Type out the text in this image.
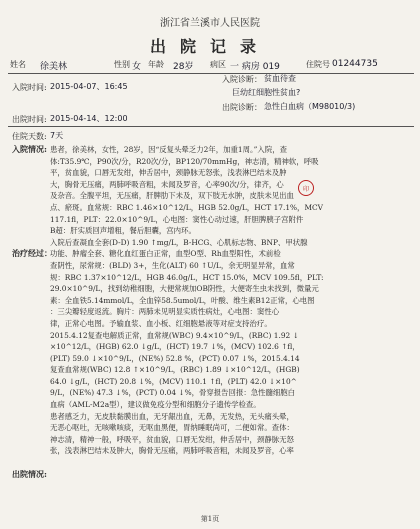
浙江省兰溪市人民医院
出院记录
姓名 徐美林	性别 女 年龄 28岁 病区 一 病房 019	住院号 01244735
入院时间: 2015-04-07、16:45
入院诊断： 贫血待查
巨幼红细胞性贫血?
出院时间: 2015-04-14、12:00
出院诊断： 急性白血病（M98010/3)
住院天数: 7天
入院情况:
治疗经过：
出院情况:
患者，徐美林，女性，28岁，因“反复头晕乏力2年，加重1周。”入院，查
体:T35.9℃，P90次/分，R20次/分，BP120/70mmHg，神志清，精神软，呼吸
平，贫血貌，口唇无发绀，伸舌居中，颈静脉无怒张，浅表淋巴结未及肿
大，胸骨无压痛，两肺呼吸音粗，未闻及罗音，心率90次/分，律齐，心
及杂音。全腹平坦，无压痛，肝脾肋下未及，双下肢无水肿，皮肤未见出血
点、瘀斑。血常规：RBC 1.46×10^12/L，HGB 52.0g/L，HCT 17.1%，MCV
117.1fl，PLT：22.0×10^9/L，心电图：窦性心动过速，肝胆脾胰子宫附件
B超：肝实质回声增粗，餐后胆囊，宫内环。
入院后查凝血全套(D-D) 1.90 ↑mg/L，B-HCG、心肌标志物、BNP、甲状腺
功能、肿瘤全套、糖化血红蛋白正常，血型O型、Rh血型阳性，术前检
查阴性，尿常规：(BLD) 3+，生化(ALT) 60 ↑U/L，余无明显异常，血常
规：RBC 1.37×10^12/L，HGB 46.0g/L，HCT 15.0%，MCV 109.5fl，PLT:
29.0×10^9/L，找到幼稚细胞，大便常规加OB阴性，大便寄生虫未找到，微量元
素：全血铁5.14mmol/L，全血锌58.5umol/L，叶酸、维生素B12正常，心电图
：三尖瓣轻度返流。胸片：两肺未见明显实质性病灶，心电图：窦性心
律，正常心电图。予输血浆、血小板、红细胞悬液等对症支持治疗。
2015.4.12复查电解质正常，血常规(WBC) 9.4×10^9/L，(RBC) 1.92 ↓
×10^12/L，(HGB) 62.0 ↓g/L，(HCT) 19.7 ↓%，(MCV) 102.6 ↑fl，
(PLT) 59.0 ↓×10^9/L，(NE%) 52.8 %，(PCT) 0.07 ↓%，2015.4.14
复查血常规(WBC) 12.8 ↑×10^9/L，(RBC) 1.89 ↓×10^12/L，(HGB)
64.0 ↓g/L，(HCT) 20.8 ↓%，(MCV) 110.1 ↑fl，(PLT) 42.0 ↓×10^
9/L，(NE%) 47.3 ↓%，(PCT) 0.04 ↓%，骨穿报告回报：急性髓细胞白
血病（AML-M2a型），建议做免疫分型和细胞分子遗传学检查。
患者感乏力，无皮肤黏膜出血，无牙龈出血，无鼻，无发热，无头痛头晕，
无恶心呕吐，无咳嗽咳痰，无呕血黑便，胃纳睡眠尚可，二便如常。查体：
神志清，精神一般，呼吸平，贫血貌，口唇无发绀，伸舌居中，颈静脉无怒
张，浅表淋巴结未及肿大，胸骨无压痛，两肺呼吸音粗，未闻及罗音，心率
印
第1页
